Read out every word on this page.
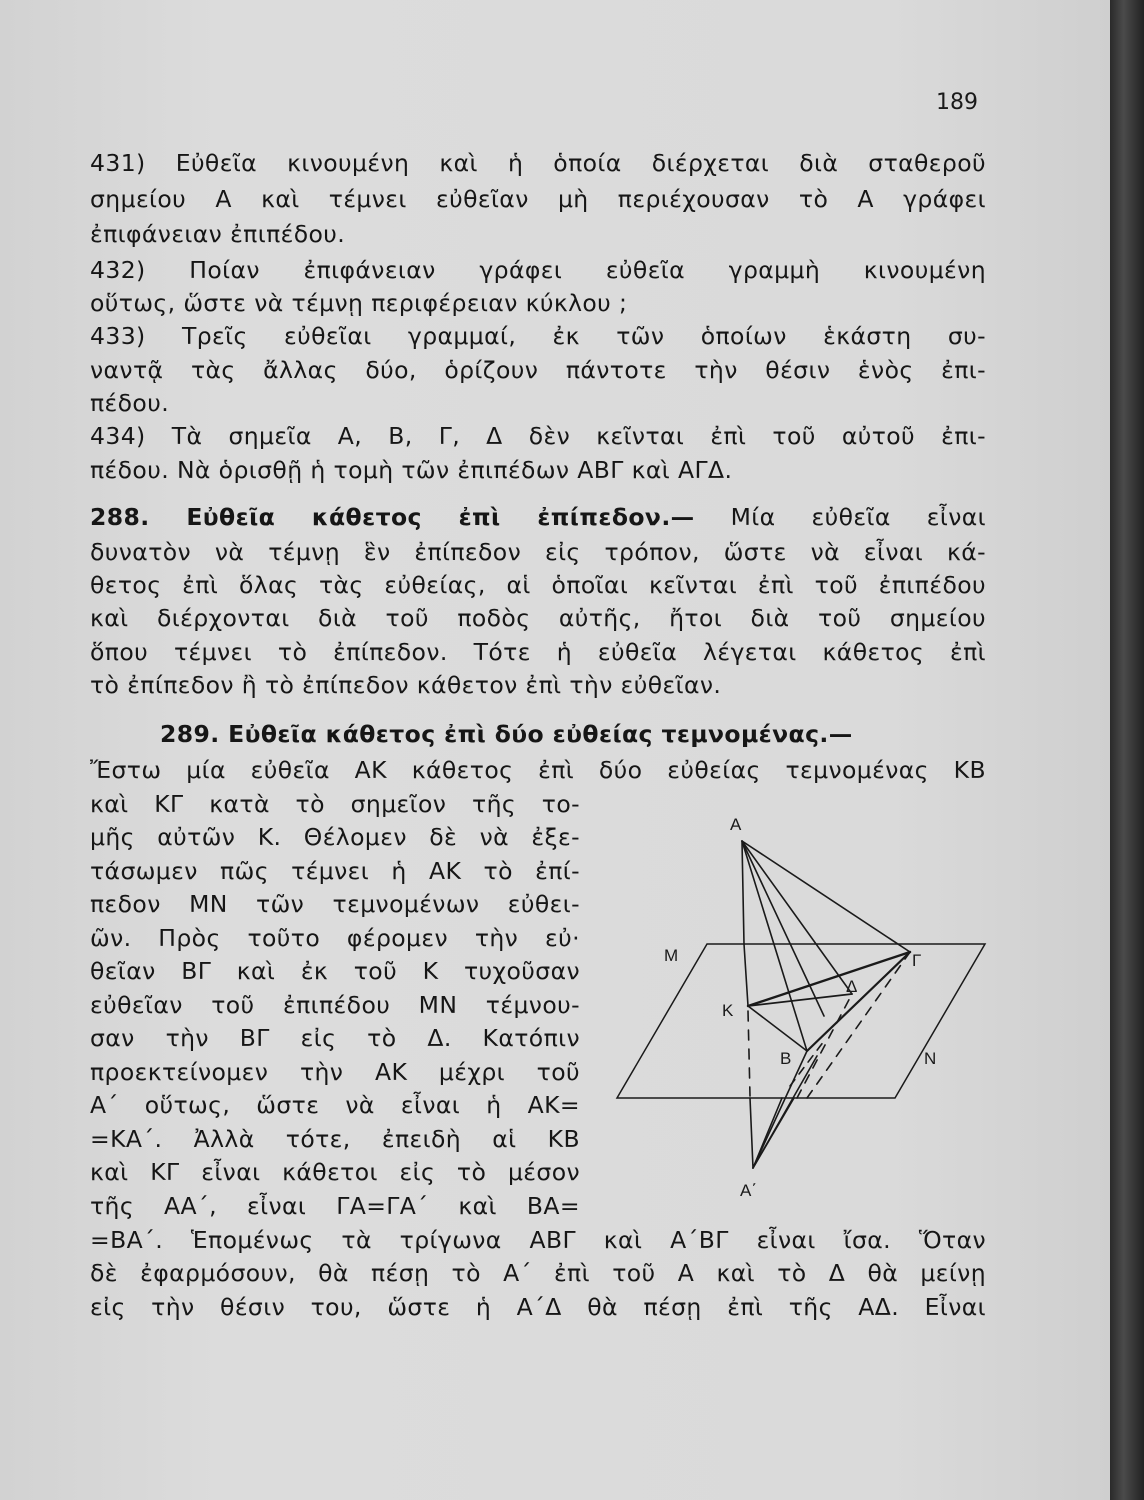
189
431) Εὐθεῖα κινουμένη καὶ ἡ ὁποία διέρχεται διὰ σταθεροῦ
σημείου Α καὶ τέμνει εὐθεῖαν μὴ περιέχουσαν τὸ Α γράφει
ἐπιφάνειαν ἐπιπέδου.
432) Ποίαν ἐπιφάνειαν γράφει εὐθεῖα γραμμὴ κινουμένη
οὕτως, ὥστε νὰ τέμνῃ περιφέρειαν κύκλου ;
433) Τρεῖς εὐθεῖαι γραμμαί, ἐκ τῶν ὁποίων ἑκάστη συ-
ναντᾷ τὰς ἄλλας δύο, ὁρίζουν πάντοτε τὴν θέσιν ἑνὸς ἐπι-
πέδου.
434) Τὰ σημεῖα Α, Β, Γ, Δ δὲν κεῖνται ἐπὶ τοῦ αὐτοῦ ἐπι-
πέδου. Νὰ ὁρισθῇ ἡ τομὴ τῶν ἐπιπέδων ΑΒΓ καὶ ΑΓΔ.
288. Εὐθεῖα κάθετος ἐπὶ ἐπίπεδον.— Μία εὐθεῖα εἶναι
δυνατὸν νὰ τέμνῃ ἓν ἐπίπεδον εἰς τρόπον, ὥστε νὰ εἶναι κά-
θετος ἐπὶ ὅλας τὰς εὐθείας, αἱ ὁποῖαι κεῖνται ἐπὶ τοῦ ἐπιπέδου
καὶ διέρχονται διὰ τοῦ ποδὸς αὐτῆς, ἤτοι διὰ τοῦ σημείου
ὅπου τέμνει τὸ ἐπίπεδον. Τότε ἡ εὐθεῖα λέγεται κάθετος ἐπὶ
τὸ ἐπίπεδον ἢ τὸ ἐπίπεδον κάθετον ἐπὶ τὴν εὐθεῖαν.
289. Εὐθεῖα κάθετος ἐπὶ δύο εὐθείας τεμνομένας.—
Ἔστω μία εὐθεῖα ΑΚ κάθετος ἐπὶ δύο εὐθείας τεμνομένας ΚΒ
καὶ ΚΓ κατὰ τὸ σημεῖον τῆς το-
μῆς αὐτῶν Κ. Θέλομεν δὲ νὰ ἐξε-
τάσωμεν πῶς τέμνει ἡ ΑΚ τὸ ἐπί-
πεδον ΜΝ τῶν τεμνομένων εὐθει-
ῶν. Πρὸς τοῦτο φέρομεν τὴν εὐ·
θεῖαν ΒΓ καὶ ἐκ τοῦ Κ τυχοῦσαν
εὐθεῖαν τοῦ ἐπιπέδου ΜΝ τέμνου-
σαν τὴν ΒΓ εἰς τὸ Δ. Κατόπιν
προεκτείνομεν τὴν ΑΚ μέχρι τοῦ
Α΄ οὕτως, ὥστε νὰ εἶναι ἡ ΑΚ=
=ΚΑ΄. Ἀλλὰ τότε, ἐπειδὴ αἱ ΚΒ
καὶ ΚΓ εἶναι κάθετοι εἰς τὸ μέσον
τῆς ΑΑ΄, εἶναι ΓΑ=ΓΑ΄ καὶ ΒΑ=
=ΒΑ΄. Ἑπομένως τὰ τρίγωνα ΑΒΓ καὶ Α΄ΒΓ εἶναι ἴσα. Ὅταν
δὲ ἐφαρμόσουν, θὰ πέσῃ τὸ Α΄ ἐπὶ τοῦ Α καὶ τὸ Δ θὰ μείνῃ
εἰς τὴν θέσιν του, ὥστε ἡ Α΄Δ θὰ πέσῃ ἐπὶ τῆς ΑΔ. Εἶναι
Α
Μ	Γ
Κ
Δ
Β	Ν
Α΄
